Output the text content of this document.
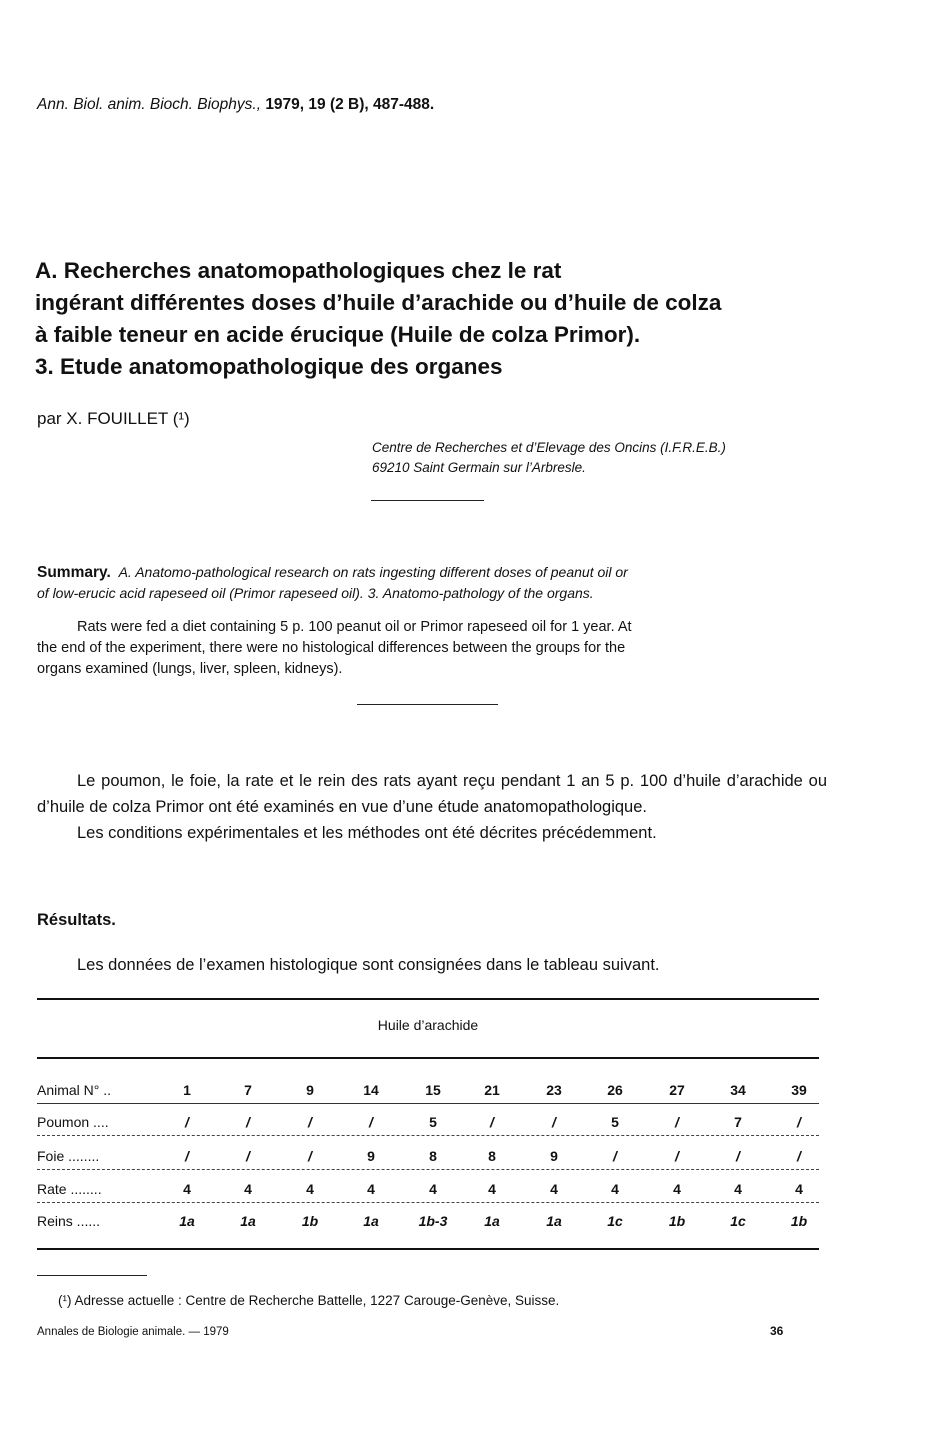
Ann. Biol. anim. Bioch. Biophys., 1979, 19 (2 B), 487-488.
A. Recherches anatomopathologiques chez le rat
ingérant différentes doses d’huile d’arachide ou d’huile de colza
à faible teneur en acide érucique (Huile de colza Primor).
3. Etude anatomopathologique des organes
par X. FOUILLET (¹)
Centre de Recherches et d’Elevage des Oncins (I.F.R.E.B.)
69210 Saint Germain sur l’Arbresle.
Summary. A. Anatomo-pathological research on rats ingesting different doses of peanut oil or
of low-erucic acid rapeseed oil (Primor rapeseed oil). 3. Anatomo-pathology of the organs.
Rats were fed a diet containing 5 p. 100 peanut oil or Primor rapeseed oil for 1 year. At
the end of the experiment, there were no histological differences between the groups for the
organs examined (lungs, liver, spleen, kidneys).

Le poumon, le foie, la rate et le rein des rats ayant reçu pendant 1 an 5 p. 100 d’huile d’arachide ou d’huile de colza Primor ont été examinés en vue d’une étude anatomopathologique.

Les conditions expérimentales et les méthodes ont été décrites précédemment.

Résultats.
Les données de l’examen histologique sont consignées dans le tableau suivant.
Huile d’arachide
Animal N° ..	1	7	9	14	15	21	23	26	27	34	39
Poumon ....	/	/	/	/	5	/	/	5	/	7	/
Foie ........	/	/	/	9	8	8	9	/	/	/	/
Rate ........	4	4	4	4	4	4	4	4	4	4	4
Reins ......	1a	1a	1b	1a	1b-3	1a	1a	1c	1b	1c	1b
(¹) Adresse actuelle : Centre de Recherche Battelle, 1227 Carouge-Genève, Suisse.
Annales de Biologie animale. — 1979	36
